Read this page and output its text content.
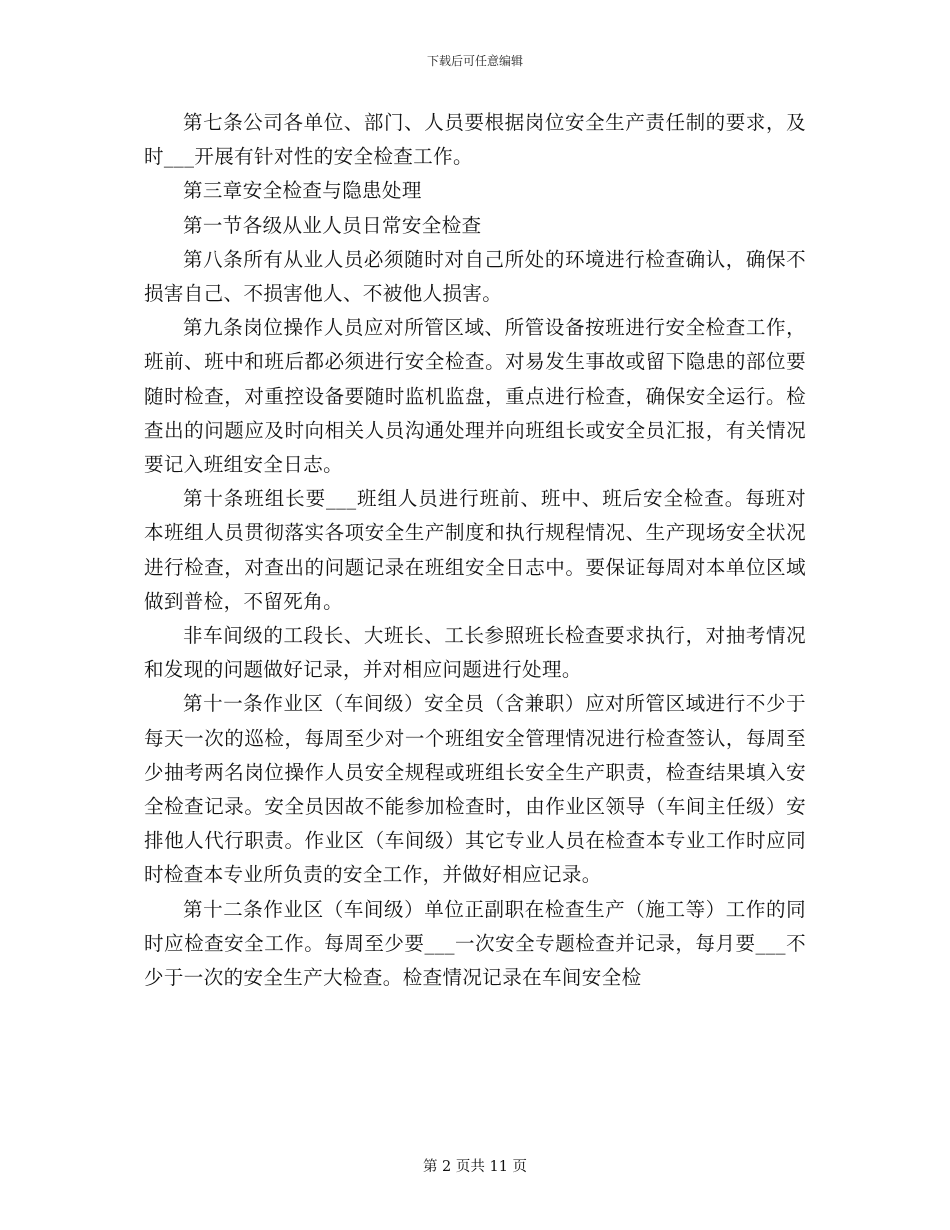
下载后可任意编辑

第七条公司各单位、部门、人员要根据岗位安全生产责任制的要求，及时___开展有针对性的安全检查工作。

第三章安全检查与隐患处理

第一节各级从业人员日常安全检查

第八条所有从业人员必须随时对自己所处的环境进行检查确认，确保不损害自己、不损害他人、不被他人损害。

第九条岗位操作人员应对所管区域、所管设备按班进行安全检查工作，班前、班中和班后都必须进行安全检查。对易发生事故或留下隐患的部位要随时检查，对重控设备要随时监机监盘，重点进行检查，确保安全运行。检查出的问题应及时向相关人员沟通处理并向班组长或安全员汇报，有关情况要记入班组安全日志。

第十条班组长要___班组人员进行班前、班中、班后安全检查。每班对本班组人员贯彻落实各项安全生产制度和执行规程情况、生产现场安全状况进行检查，对查出的问题记录在班组安全日志中。要保证每周对本单位区域做到普检，不留死角。

非车间级的工段长、大班长、工长参照班长检查要求执行，对抽考情况和发现的问题做好记录，并对相应问题进行处理。

第十一条作业区（车间级）安全员（含兼职）应对所管区域进行不少于每天一次的巡检，每周至少对一个班组安全管理情况进行检查签认，每周至少抽考两名岗位操作人员安全规程或班组长安全生产职责，检查结果填入安全检查记录。安全员因故不能参加检查时，由作业区领导（车间主任级）安排他人代行职责。作业区（车间级）其它专业人员在检查本专业工作时应同时检查本专业所负责的安全工作，并做好相应记录。

第十二条作业区（车间级）单位正副职在检查生产（施工等）工作的同时应检查安全工作。每周至少要___一次安全专题检查并记录，每月要___不少于一次的安全生产大检查。检查情况记录在车间安全检

第 2 页共 11 页
